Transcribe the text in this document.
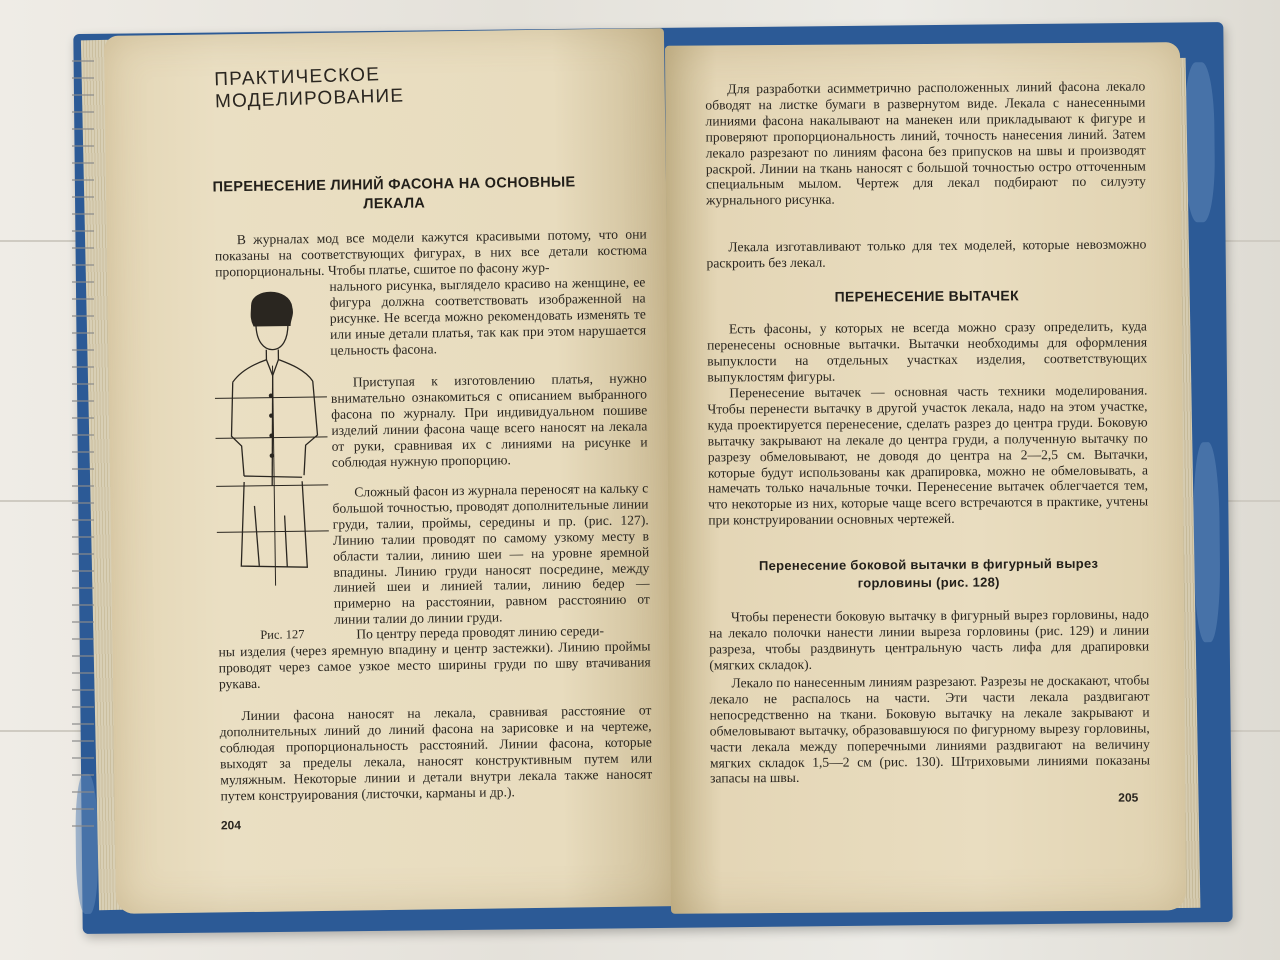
ПРАКТИЧЕСКОЕ МОДЕЛИРОВАНИЕ
ПЕРЕНЕСЕНИЕ ЛИНИЙ ФАСОНА НА ОСНОВНЫЕ
ЛЕКАЛА
В журналах мод все модели кажутся красивыми потому, что они показаны на соответствующих фигурах, в них все детали костюма пропорциональны. Чтобы платье, сшитое по фасону жур-
нального рисунка, выглядело красиво на женщине, ее фигура должна соответствовать изображенной на рисунке. Не всегда можно рекомендовать изменять те или иные детали платья, так как при этом нарушается цельность фасона.
Приступая к изготовлению платья, нужно внимательно ознакомиться с описанием выбранного фасона по журналу. При индивидуальном пошиве изделий линии фасона чаще всего наносят на лекала от руки, сравнивая их с линиями на рисунке и соблюдая нужную пропорцию.
Сложный фасон из журнала переносят на кальку с большой точностью, проводят дополнительные линии груди, талии, проймы, середины и пр. (рис. 127). Линию талии проводят по самому узкому месту в области талии, линию шеи — на уровне яремной впадины. Линию груди наносят посредине, между линией шеи и линией талии, линию бедер — примерно на расстоянии, равном расстоянию от линии талии до линии груди.
По центру переда проводят линию середи-
ны изделия (через яремную впадину и центр застежки). Линию проймы проводят через самое узкое место ширины груди по шву втачивания рукава.
Линии фасона наносят на лекала, сравнивая расстояние от дополнительных линий до линий фасона на зарисовке и на чертеже, соблюдая пропорциональность расстояний. Линии фасона, которые выходят за пределы лекала, наносят конструктивным путем или муляжным. Некоторые линии и детали внутри лекала также наносят путем конструирования (листочки, карманы и др.).
Рис. 127
204
Для разработки асимметрично расположенных линий фасона лекало обводят на листке бумаги в развернутом виде. Лекала с нанесенными линиями фасона накалывают на манекен или прикладывают к фигуре и проверяют пропорциональность линий, точность нанесения линий. Затем лекало разрезают по линиям фасона без припусков на швы и производят раскрой. Линии на ткань наносят с большой точностью остро отточенным специальным мылом. Чертеж для лекал подбирают по силуэту журнального рисунка.
Лекала изготавливают только для тех моделей, которые невозможно раскроить без лекал.
ПЕРЕНЕСЕНИЕ ВЫТАЧЕК
Есть фасоны, у которых не всегда можно сразу определить, куда перенесены основные вытачки. Вытачки необходимы для оформления выпуклости на отдельных участках изделия, соответствующих выпуклостям фигуры.
Перенесение вытачек — основная часть техники моделирования. Чтобы перенести вытачку в другой участок лекала, надо на этом участке, куда проектируется перенесение, сделать разрез до центра груди. Боковую вытачку закрывают на лекале до центра груди, а полученную вытачку по разрезу обмеловывают, не доводя до центра на 2—2,5 см. Вытачки, которые будут использованы как драпировка, можно не обмеловывать, а намечать только начальные точки. Перенесение вытачек облегчается тем, что некоторые из них, которые чаще всего встречаются в практике, учтены при конструировании основных чертежей.
Перенесение боковой вытачки в фигурный вырез
горловины (рис. 128)
Чтобы перенести боковую вытачку в фигурный вырез горловины, надо на лекало полочки нанести линии выреза горловины (рис. 129) и линии разреза, чтобы раздвинуть центральную часть лифа для драпировки (мягких складок).
Лекало по нанесенным линиям разрезают. Разрезы не доскакают, чтобы лекало не распалось на части. Эти части лекала раздвигают непосредственно на ткани. Боковую вытачку на лекале закрывают и обмеловывают вытачку, образовавшуюся по фигурному вырезу горловины, части лекала между поперечными линиями раздвигают на величину мягких складок 1,5—2 см (рис. 130). Штриховыми линиями показаны запасы на швы.
205
